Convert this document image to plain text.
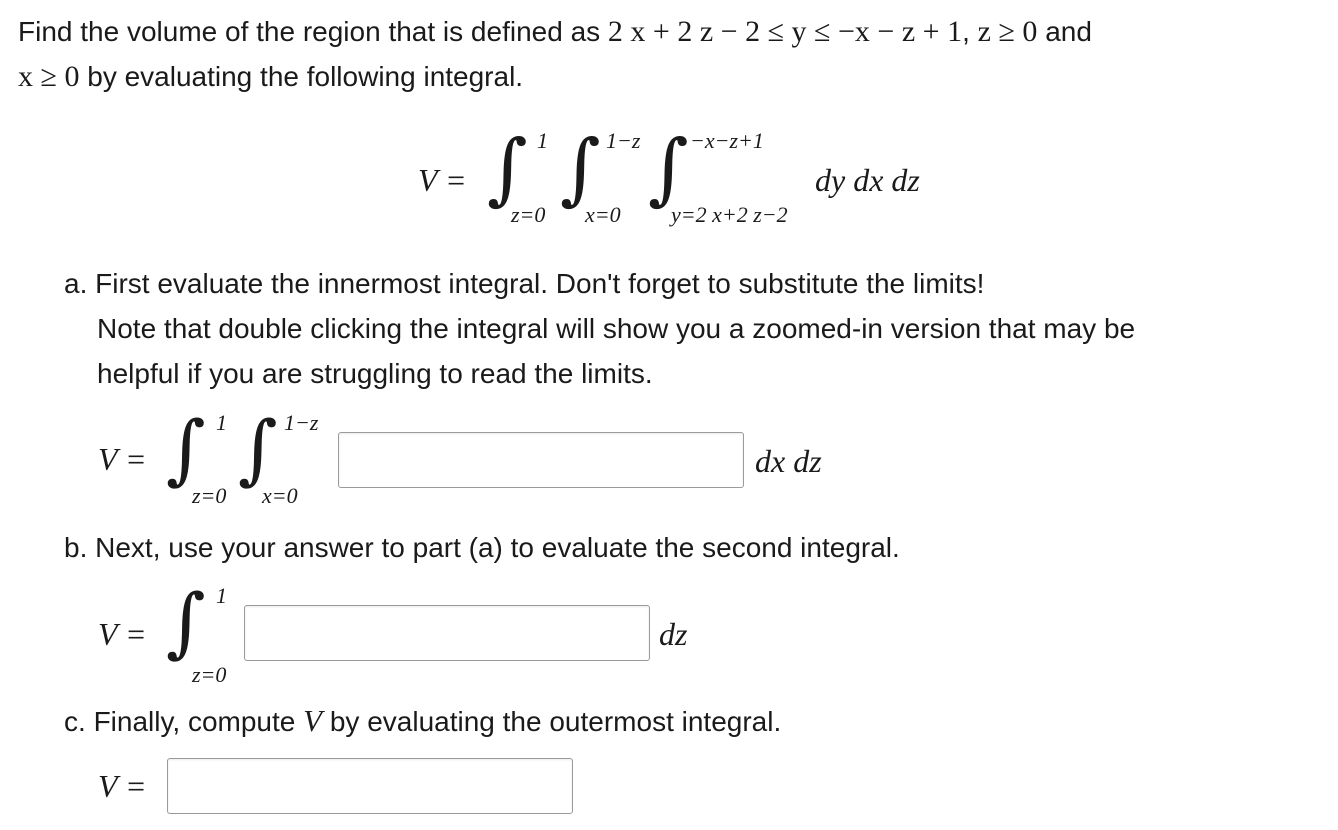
Find the volume of the region that is defined as 2 x + 2 z − 2 ≤ y ≤ −x − z + 1, z ≥ 0 and
x ≥ 0 by evaluating the following integral.
V = ∫ 1
z=0
∫ 1−z
x=0
∫ −x−z+1
y=2 x+2 z−2
dy dx dz
a. First evaluate the innermost integral. Don't forget to substitute the limits!
Note that double clicking the integral will show you a zoomed-in version that may be
helpful if you are struggling to read the limits.
V = ∫ 1
z=0
∫ 1−z
x=0
dx dz
b. Next, use your answer to part (a) to evaluate the second integral.
V = ∫ 1
z=0
dz
c. Finally, compute V by evaluating the outermost integral.
V =
